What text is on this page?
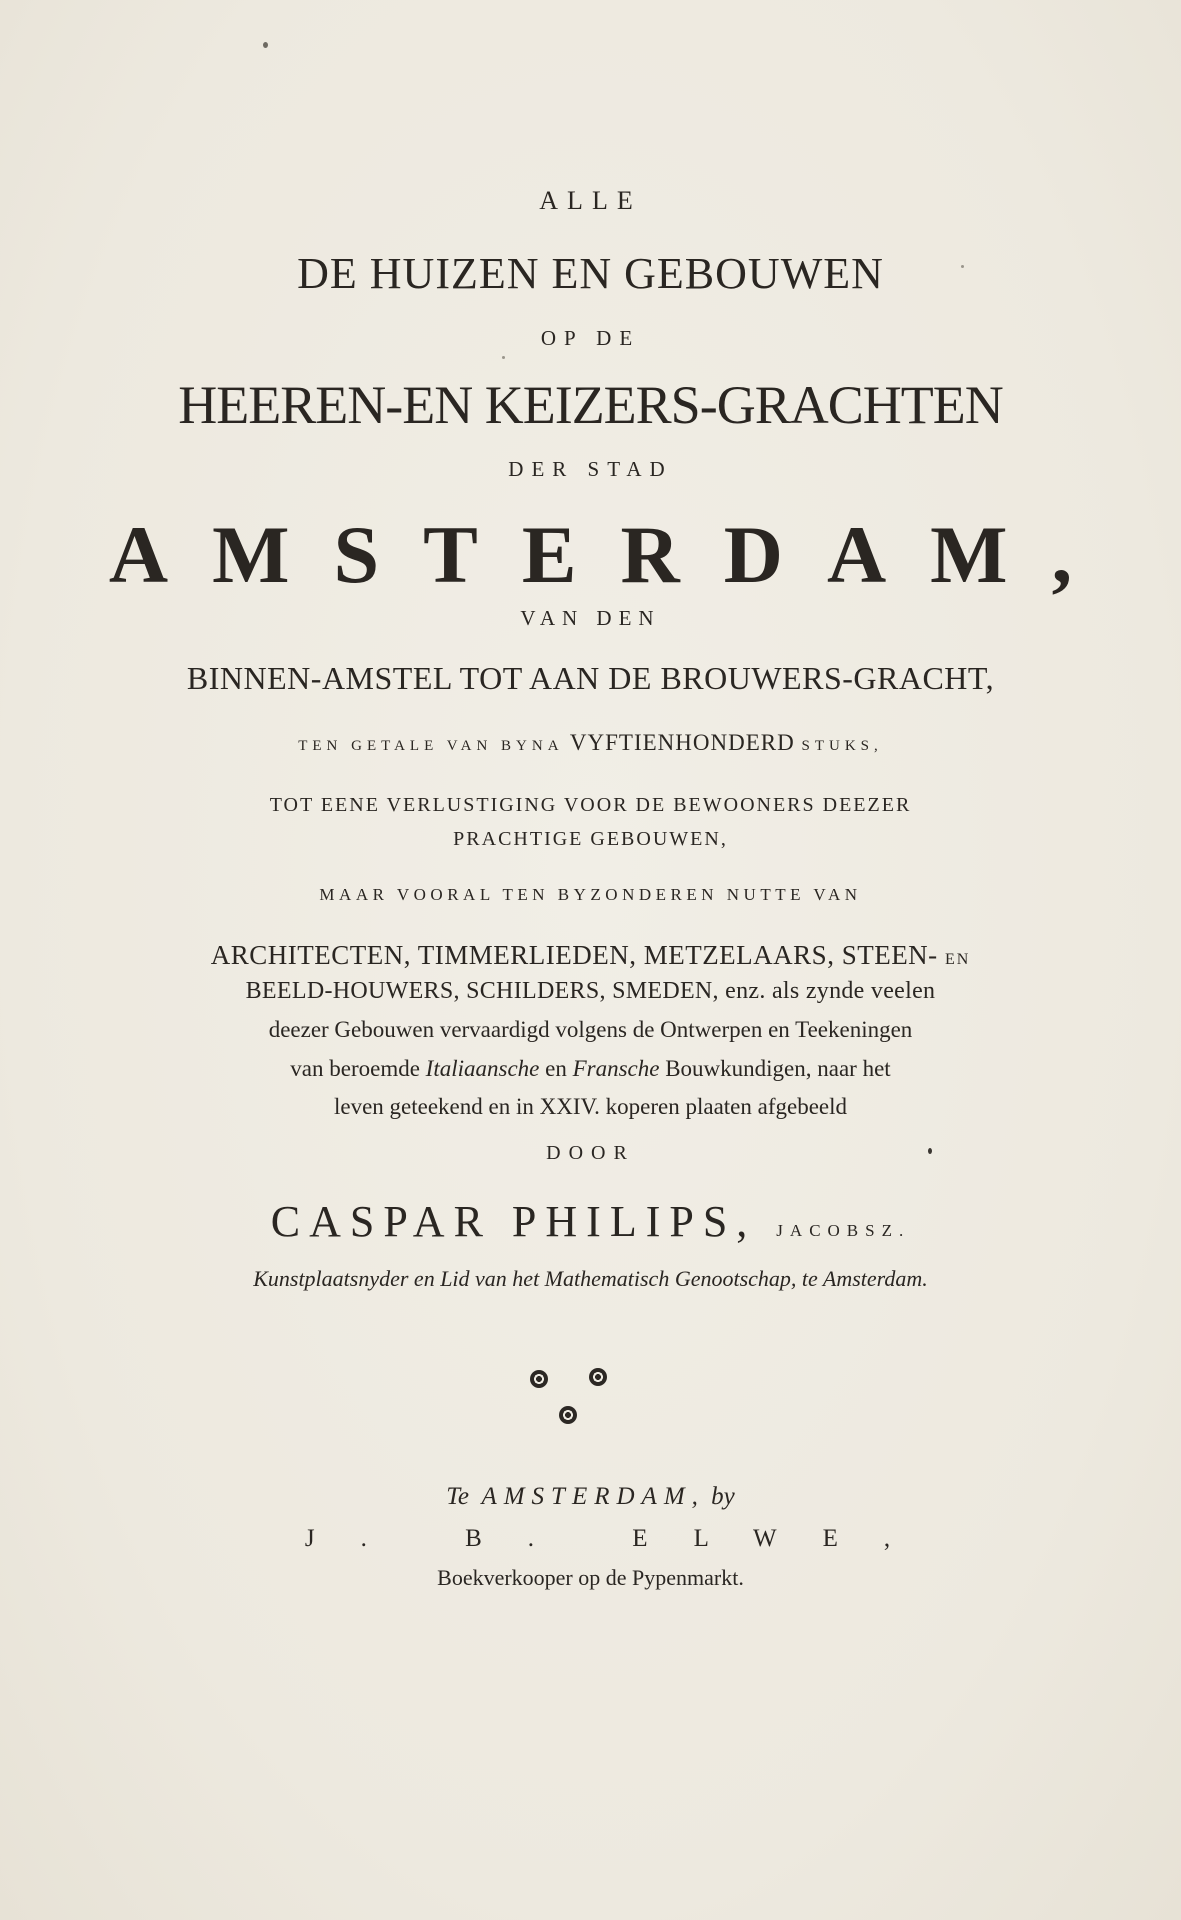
ALLE
DE HUIZEN EN GEBOUWEN
OP DE
HEEREN-EN KEIZERS-GRACHTEN
DER STAD
AMSTERDAM,
VAN DEN
BINNEN-AMSTEL TOT AAN DE BROUWERS-GRACHT,
TEN GETALE VAN BYNA VYFTIENHONDERD STUKS,
TOT EENE VERLUSTIGING VOOR DE BEWOONERS DEEZER
PRACHTIGE GEBOUWEN,
MAAR VOORAL TEN BYZONDEREN NUTTE VAN
ARCHITECTEN, TIMMERLIEDEN, METZELAARS, STEEN- EN
BEELD-HOUWERS, SCHILDERS, SMEDEN, enz. als zynde veelen
deezer Gebouwen vervaardigd volgens de Ontwerpen en Teekeningen
van beroemde Italiaansche en Fransche Bouwkundigen, naar het
leven geteekend en in XXIV. koperen plaaten afgebeeld
DOOR
CASPAR PHILIPS, JACOBSZ.
Kunstplaatsnyder en Lid van het Mathematisch Genootschap, te Amsterdam.
Te AMSTERDAM, by
J. B. ELWE,
Boekverkooper op de Pypenmarkt.
